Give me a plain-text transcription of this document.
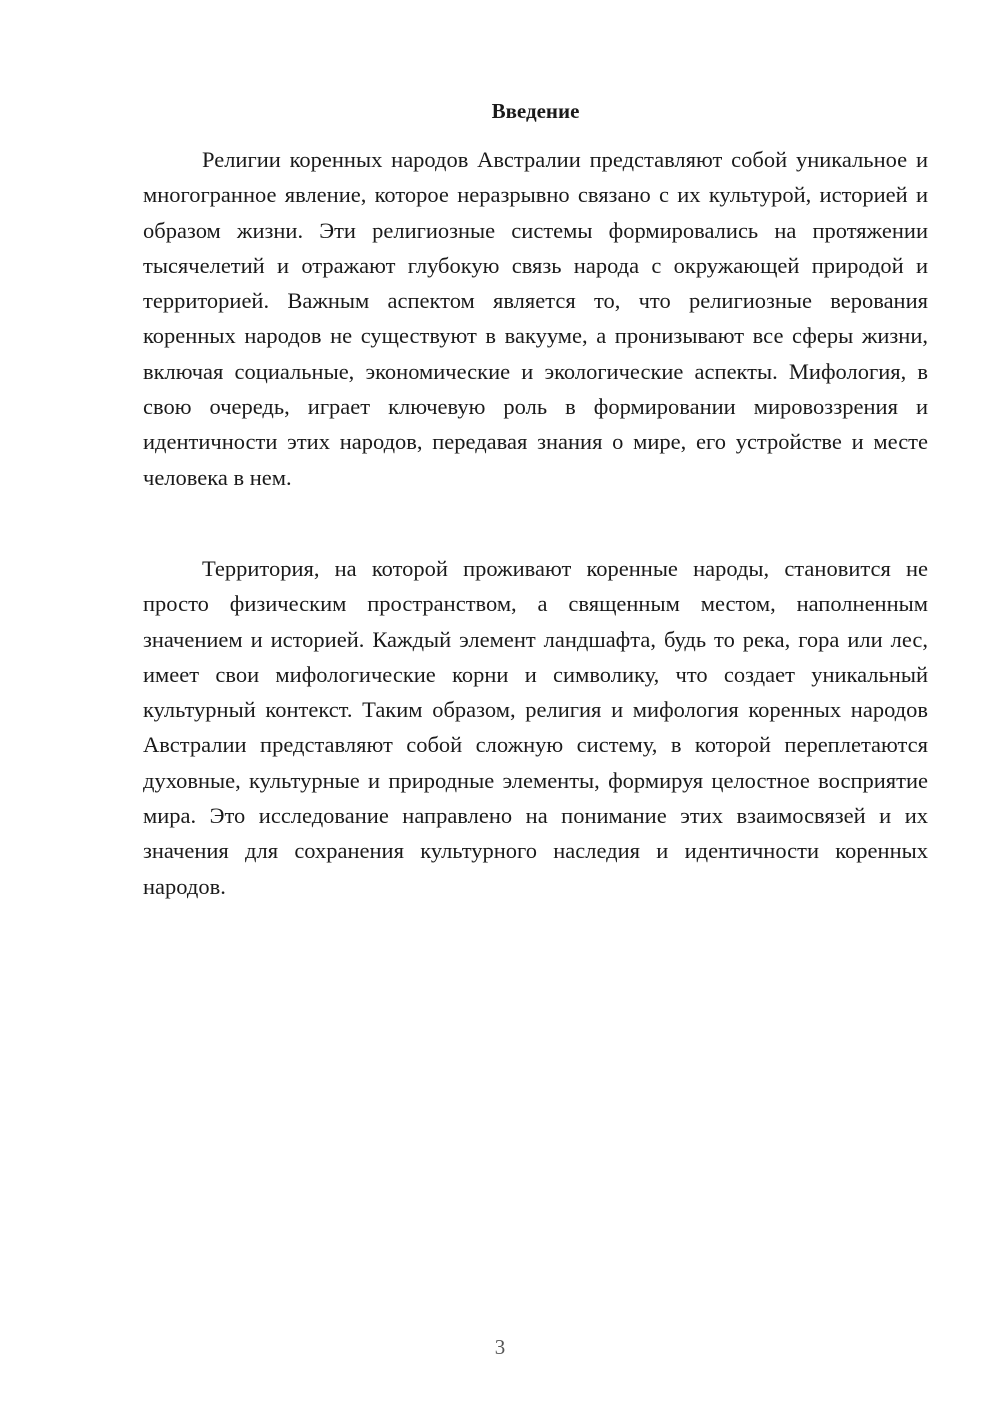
Введение

Религии коренных народов Австралии представляют собой уникальное и многогранное явление, которое неразрывно связано с их культурой, историей и образом жизни. Эти религиозные системы формировались на протяжении тысячелетий и отражают глубокую связь народа с окружающей природой и территорией. Важным аспектом является то, что религиозные верования коренных народов не существуют в вакууме, а пронизывают все сферы жизни, включая социальные, экономические и экологические аспекты. Мифология, в свою очередь, играет ключевую роль в формировании мировоззрения и идентичности этих народов, передавая знания о мире, его устройстве и месте человека в нем.

Территория, на которой проживают коренные народы, становится не просто физическим пространством, а священным местом, наполненным значением и историей. Каждый элемент ландшафта, будь то река, гора или лес, имеет свои мифологические корни и символику, что создает уникальный культурный контекст. Таким образом, религия и мифология коренных народов Австралии представляют собой сложную систему, в которой переплетаются духовные, культурные и природные элементы, формируя целостное восприятие мира. Это исследование направлено на понимание этих взаимосвязей и их значения для сохранения культурного наследия и идентичности коренных народов.

3
